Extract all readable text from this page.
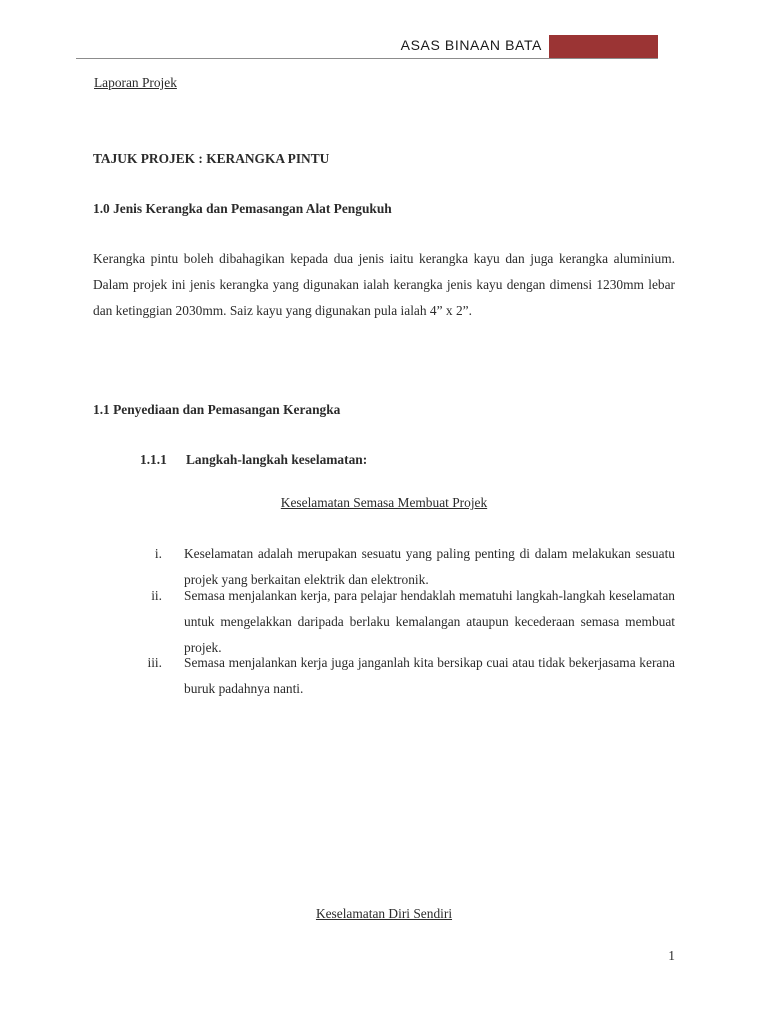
ASAS BINAAN BATA
Laporan Projek
TAJUK PROJEK : KERANGKA PINTU
1.0 Jenis Kerangka dan Pemasangan Alat Pengukuh
Kerangka pintu boleh dibahagikan kepada dua jenis iaitu kerangka kayu dan juga kerangka aluminium. Dalam projek ini jenis kerangka yang digunakan ialah kerangka jenis kayu dengan dimensi 1230mm lebar dan ketinggian 2030mm. Saiz kayu yang digunakan pula ialah 4” x 2”.
1.1 Penyediaan dan Pemasangan Kerangka
1.1.1 Langkah-langkah keselamatan:
Keselamatan Semasa Membuat Projek
i. Keselamatan adalah merupakan sesuatu yang paling penting di dalam melakukan sesuatu projek yang berkaitan elektrik dan elektronik.
ii. Semasa menjalankan kerja, para pelajar hendaklah mematuhi langkah-langkah keselamatan untuk mengelakkan daripada berlaku kemalangan ataupun kecederaan semasa membuat projek.
iii. Semasa menjalankan kerja juga janganlah kita bersikap cuai atau tidak bekerjasama kerana buruk padahnya nanti.
Keselamatan Diri Sendiri
1
